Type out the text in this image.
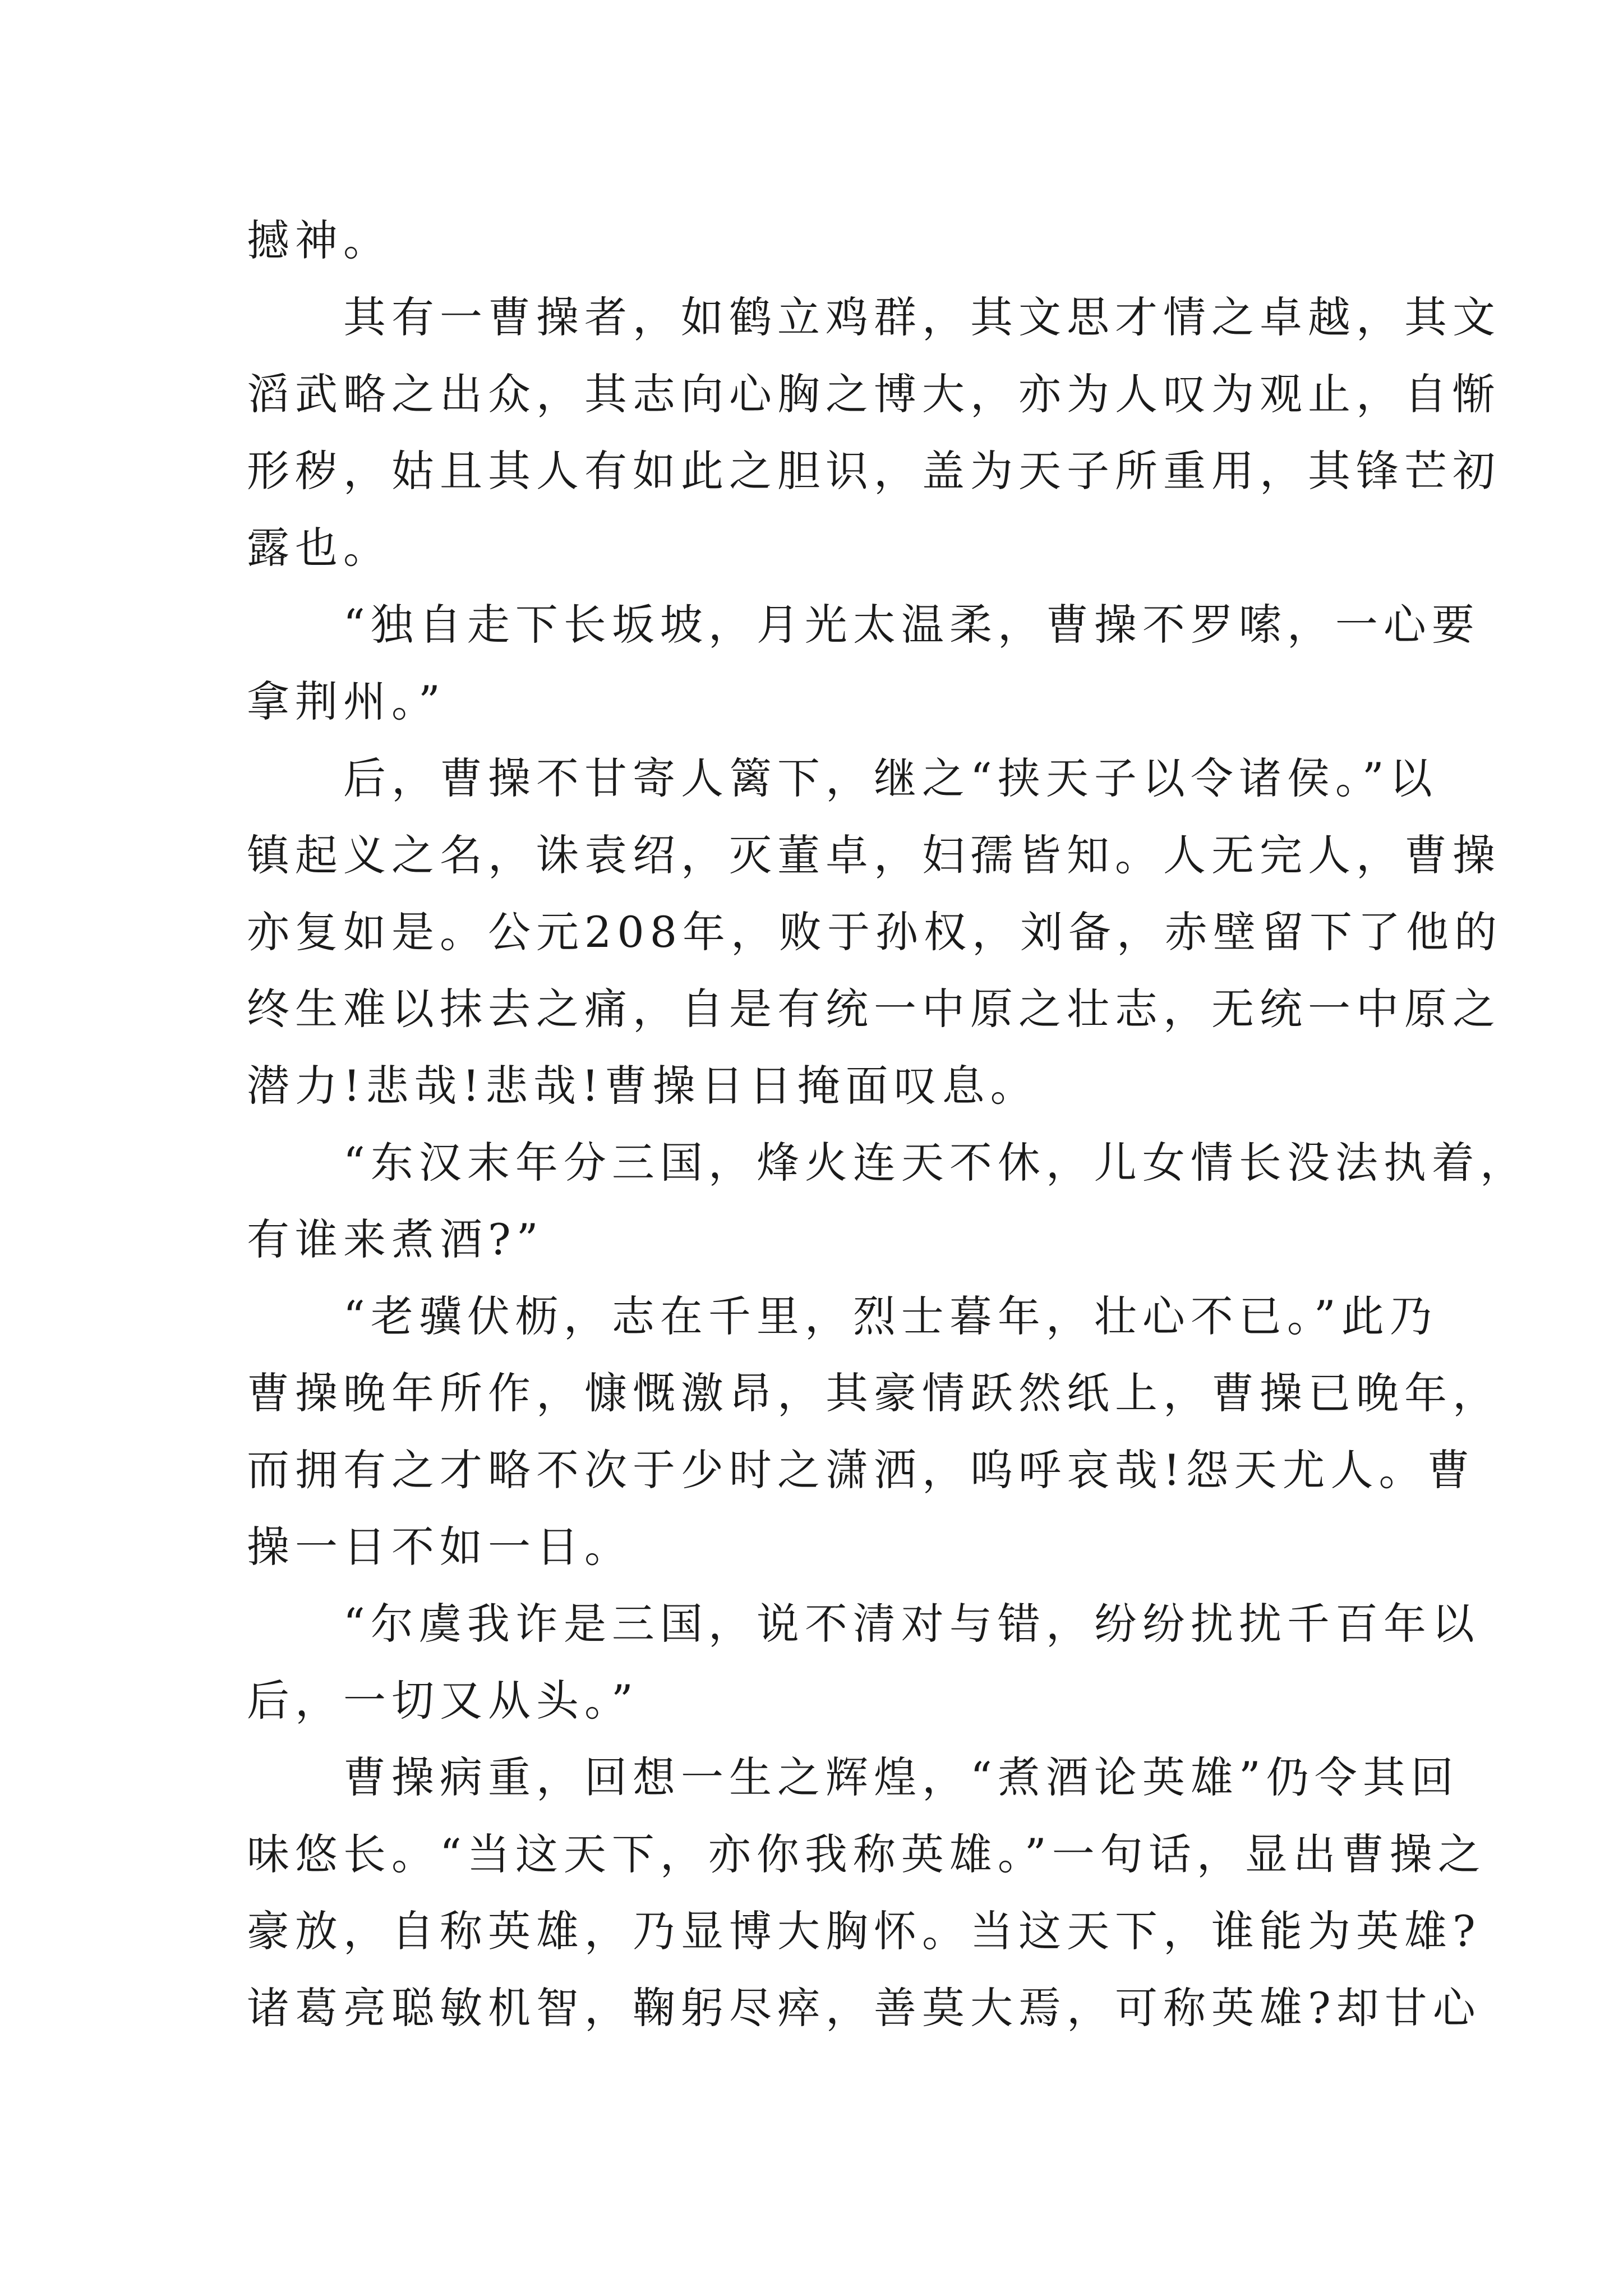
撼神。
其有一曹操者，如鹤立鸡群，其文思才情之卓越，其文
滔武略之出众，其志向心胸之博大，亦为人叹为观止，自惭
形秽，姑且其人有如此之胆识，盖为天子所重用，其锋芒初
露也。
“独自走下长坂坡，月光太温柔，曹操不罗嗦，一心要
拿荆州。”
后，曹操不甘寄人篱下，继之“挟天子以令诸侯。”以
镇起义之名，诛袁绍，灭董卓，妇孺皆知。人无完人，曹操
亦复如是。公元208年，败于孙权，刘备，赤壁留下了他的
终生难以抹去之痛，自是有统一中原之壮志，无统一中原之
潜力!悲哉!悲哉!曹操日日掩面叹息。
“东汉末年分三国，烽火连天不休，儿女情长没法执着，
有谁来煮酒?”
“老骥伏枥，志在千里，烈士暮年，壮心不已。”此乃
曹操晚年所作，慷慨激昂，其豪情跃然纸上，曹操已晚年，
而拥有之才略不次于少时之潇洒，呜呼哀哉!怨天尤人。曹
操一日不如一日。
“尔虞我诈是三国，说不清对与错，纷纷扰扰千百年以
后，一切又从头。”
曹操病重，回想一生之辉煌，“煮酒论英雄”仍令其回
味悠长。“当这天下，亦你我称英雄。”一句话，显出曹操之
豪放，自称英雄，乃显博大胸怀。当这天下，谁能为英雄?
诸葛亮聪敏机智，鞠躬尽瘁，善莫大焉，可称英雄?却甘心
